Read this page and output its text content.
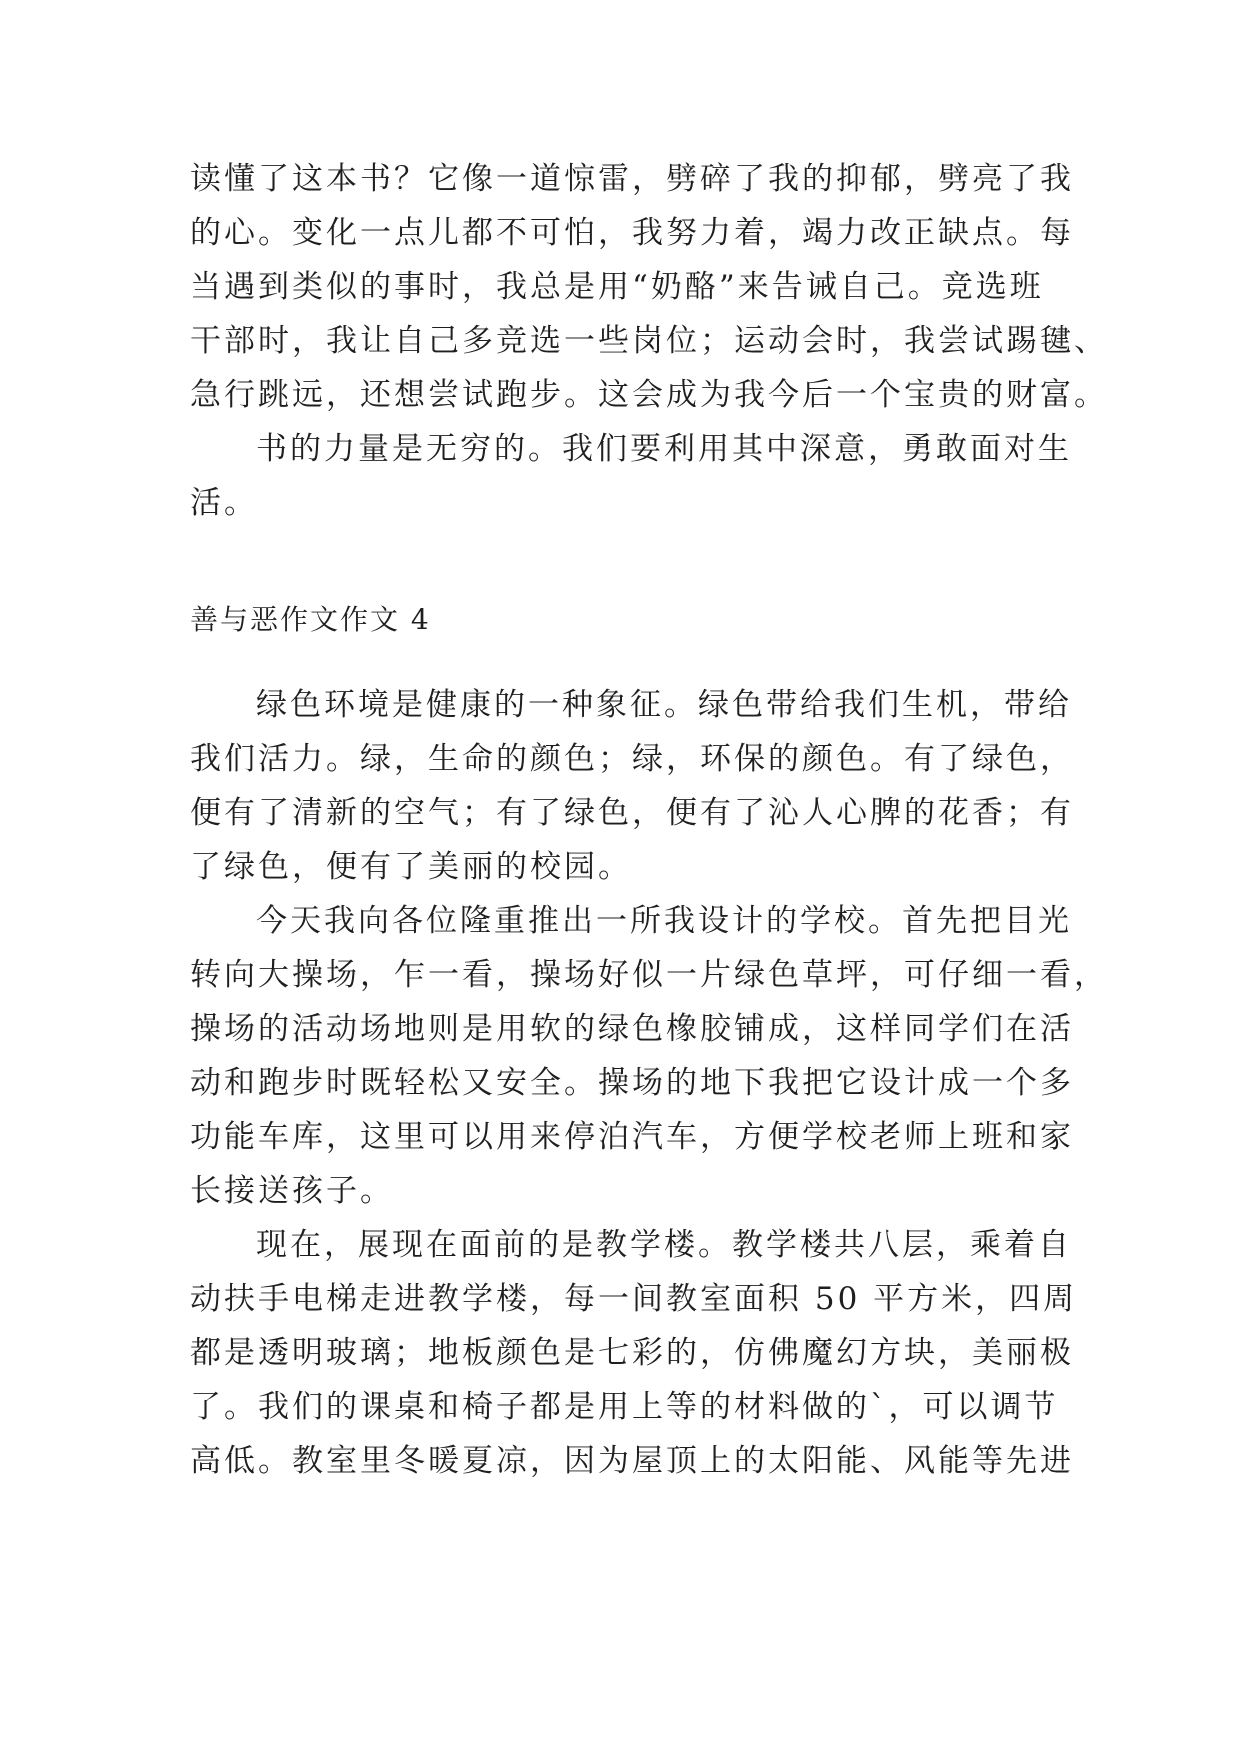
读懂了这本书？它像一道惊雷，劈碎了我的抑郁，劈亮了我
的心。变化一点儿都不可怕，我努力着，竭力改正缺点。每
当遇到类似的事时，我总是用“奶酪”来告诫自己。竞选班
干部时，我让自己多竞选一些岗位；运动会时，我尝试踢毽、
急行跳远，还想尝试跑步。这会成为我今后一个宝贵的财富。
书的力量是无穷的。我们要利用其中深意，勇敢面对生
活。
善与恶作文作文 4
绿色环境是健康的一种象征。绿色带给我们生机，带给
我们活力。绿，生命的颜色；绿，环保的颜色。有了绿色，
便有了清新的空气；有了绿色，便有了沁人心脾的花香；有
了绿色，便有了美丽的校园。
今天我向各位隆重推出一所我设计的学校。首先把目光
转向大操场，乍一看，操场好似一片绿色草坪，可仔细一看，
操场的活动场地则是用软的绿色橡胶铺成，这样同学们在活
动和跑步时既轻松又安全。操场的地下我把它设计成一个多
功能车库，这里可以用来停泊汽车，方便学校老师上班和家
长接送孩子。
现在，展现在面前的是教学楼。教学楼共八层，乘着自
动扶手电梯走进教学楼，每一间教室面积 50 平方米，四周
都是透明玻璃；地板颜色是七彩的，仿佛魔幻方块，美丽极
了。我们的课桌和椅子都是用上等的材料做的`，可以调节
高低。教室里冬暖夏凉，因为屋顶上的太阳能、风能等先进
